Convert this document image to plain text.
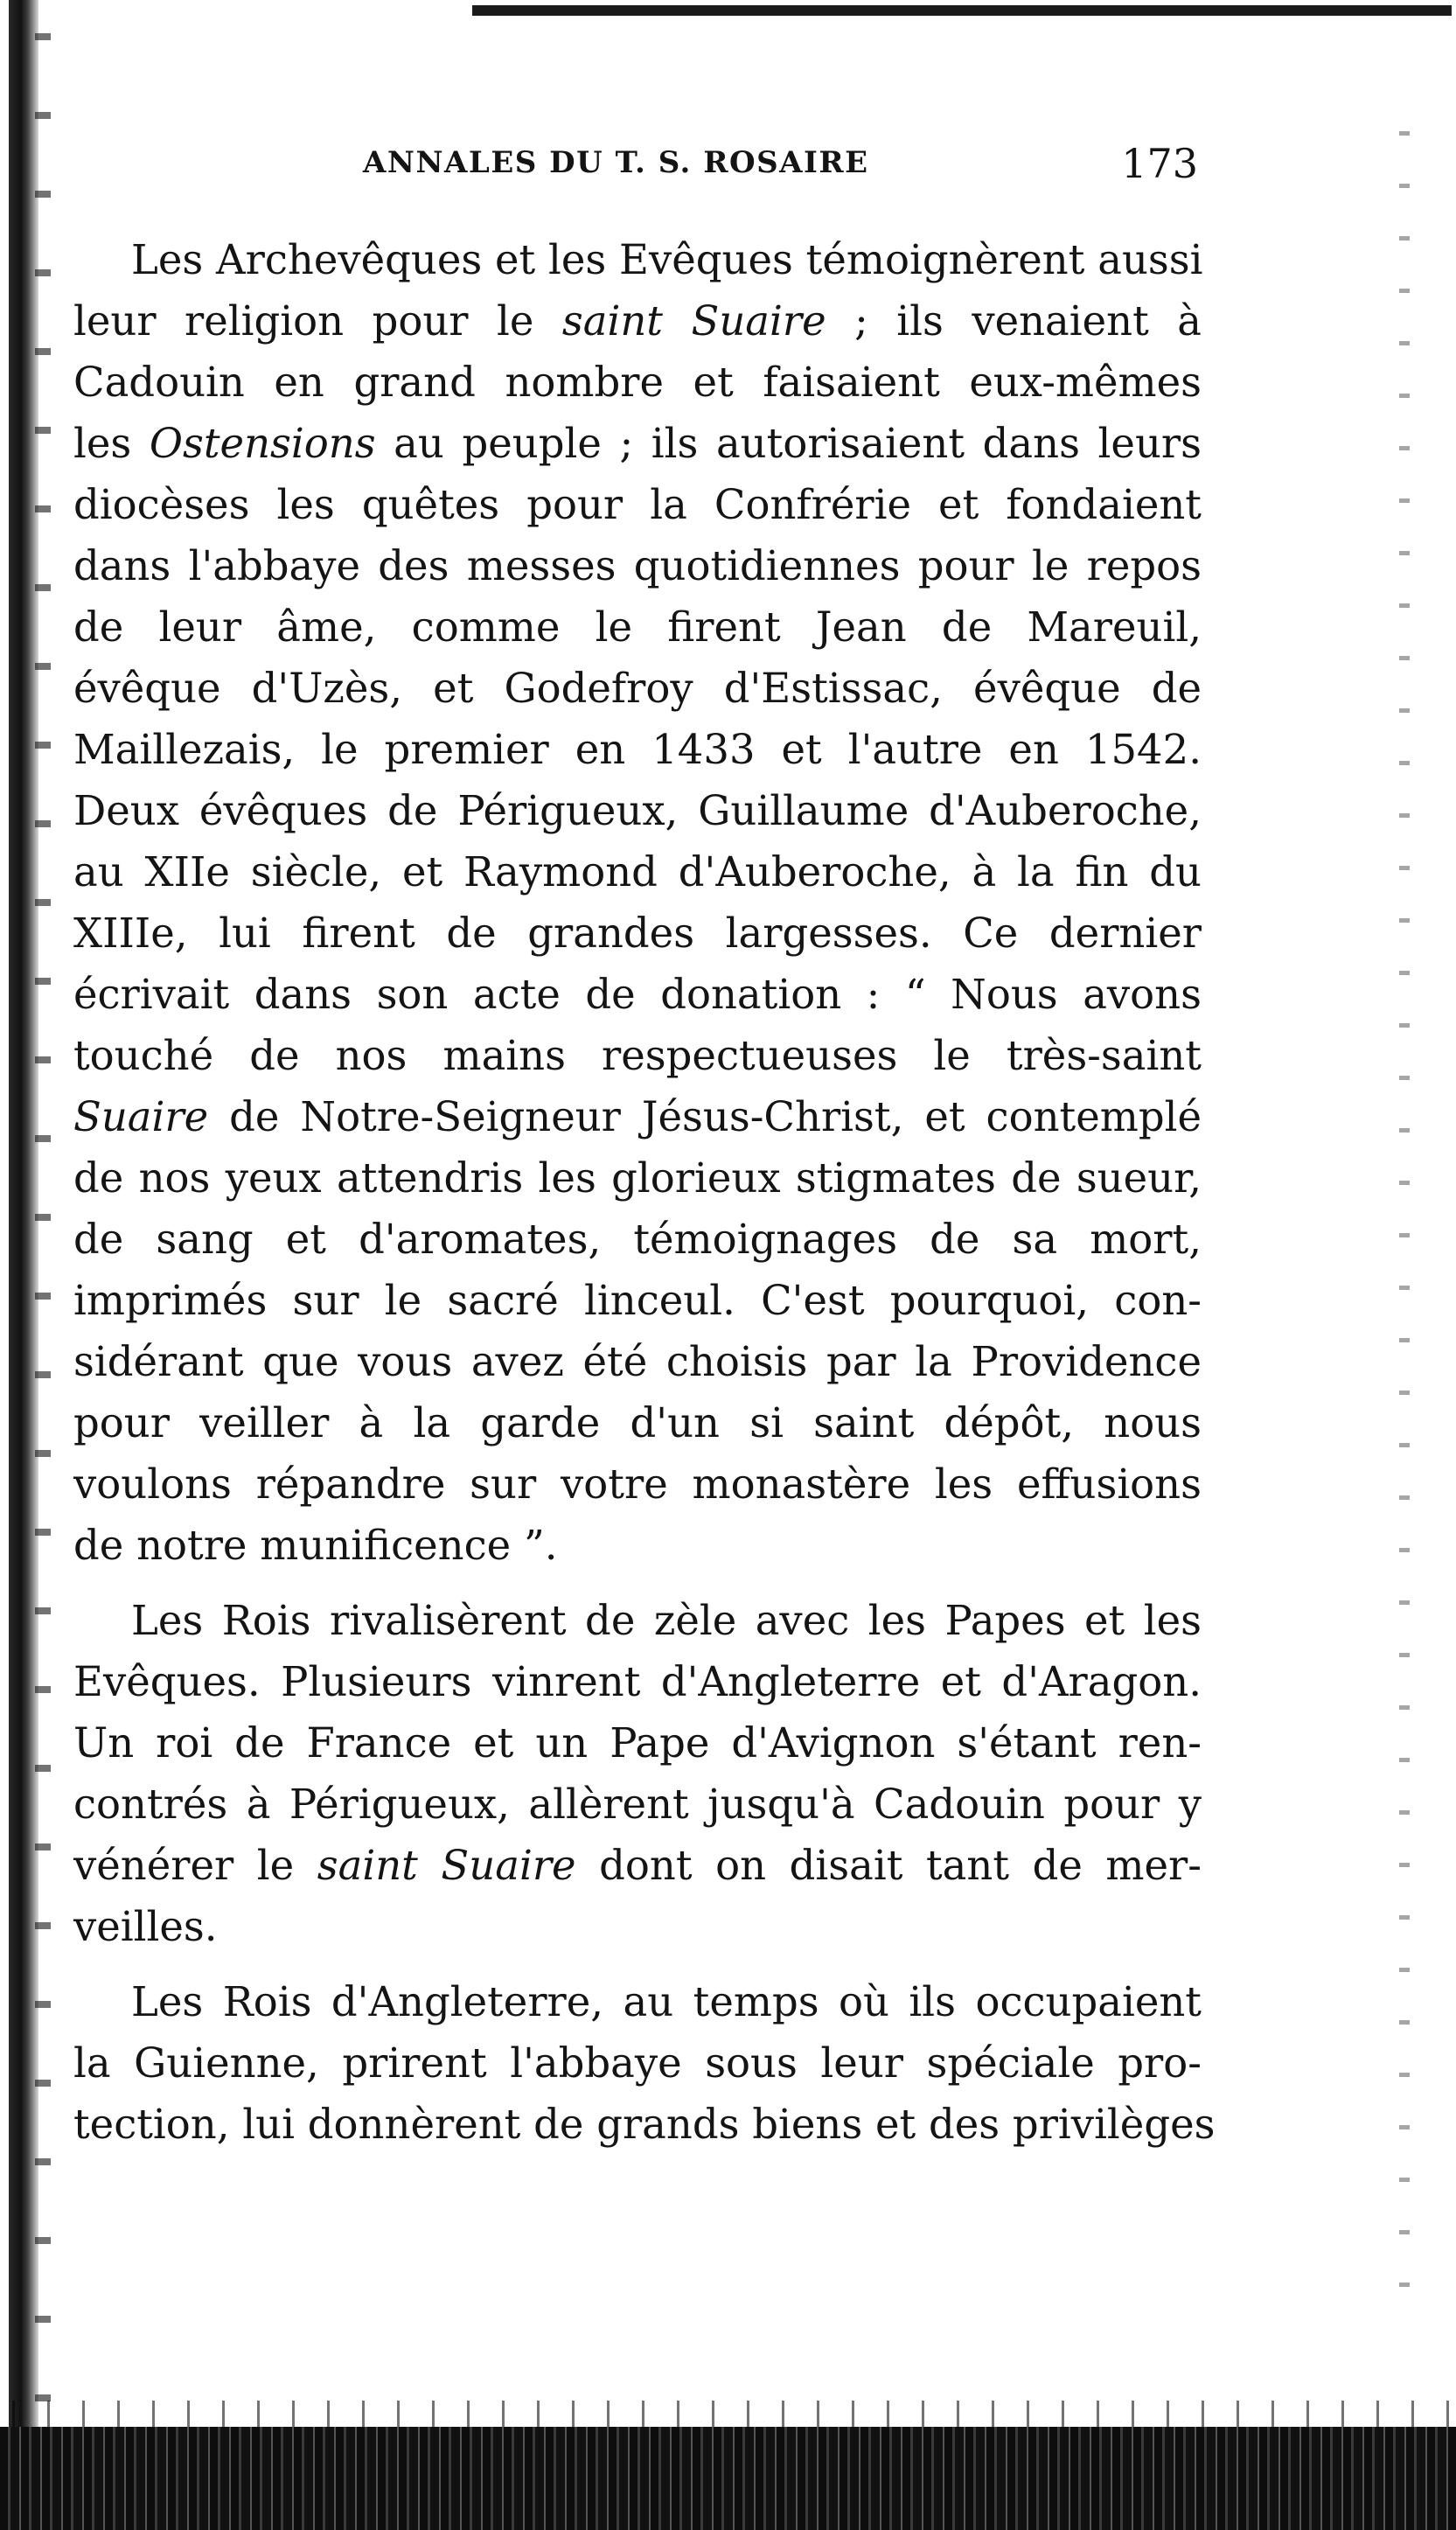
ANNALES DU T. S. ROSAIRE	173
Les Archevêques et les Evêques témoignèrent aussi
leur religion pour le saint Suaire ; ils venaient à
Cadouin en grand nombre et faisaient eux-mêmes
les Ostensions au peuple ; ils autorisaient dans leurs
diocèses les quêtes pour la Confrérie et fondaient
dans l'abbaye des messes quotidiennes pour le repos
de leur âme, comme le firent Jean de Mareuil,
évêque d'Uzès, et Godefroy d'Estissac, évêque de
Maillezais, le premier en 1433 et l'autre en 1542.
Deux évêques de Périgueux, Guillaume d'Auberoche,
au XIIe siècle, et Raymond d'Auberoche, à la fin du
XIIIe, lui firent de grandes largesses. Ce dernier
écrivait dans son acte de donation : “ Nous avons
touché de nos mains respectueuses le très-saint
Suaire de Notre-Seigneur Jésus-Christ, et contemplé
de nos yeux attendris les glorieux stigmates de sueur,
de sang et d'aromates, témoignages de sa mort,
imprimés sur le sacré linceul. C'est pourquoi, con-
sidérant que vous avez été choisis par la Providence
pour veiller à la garde d'un si saint dépôt, nous
voulons répandre sur votre monastère les effusions
de notre munificence ”.
Les Rois rivalisèrent de zèle avec les Papes et les
Evêques. Plusieurs vinrent d'Angleterre et d'Aragon.
Un roi de France et un Pape d'Avignon s'étant ren-
contrés à Périgueux, allèrent jusqu'à Cadouin pour y
vénérer le saint Suaire dont on disait tant de mer-
veilles.
Les Rois d'Angleterre, au temps où ils occupaient
la Guienne, prirent l'abbaye sous leur spéciale pro-
tection, lui donnèrent de grands biens et des privilèges
